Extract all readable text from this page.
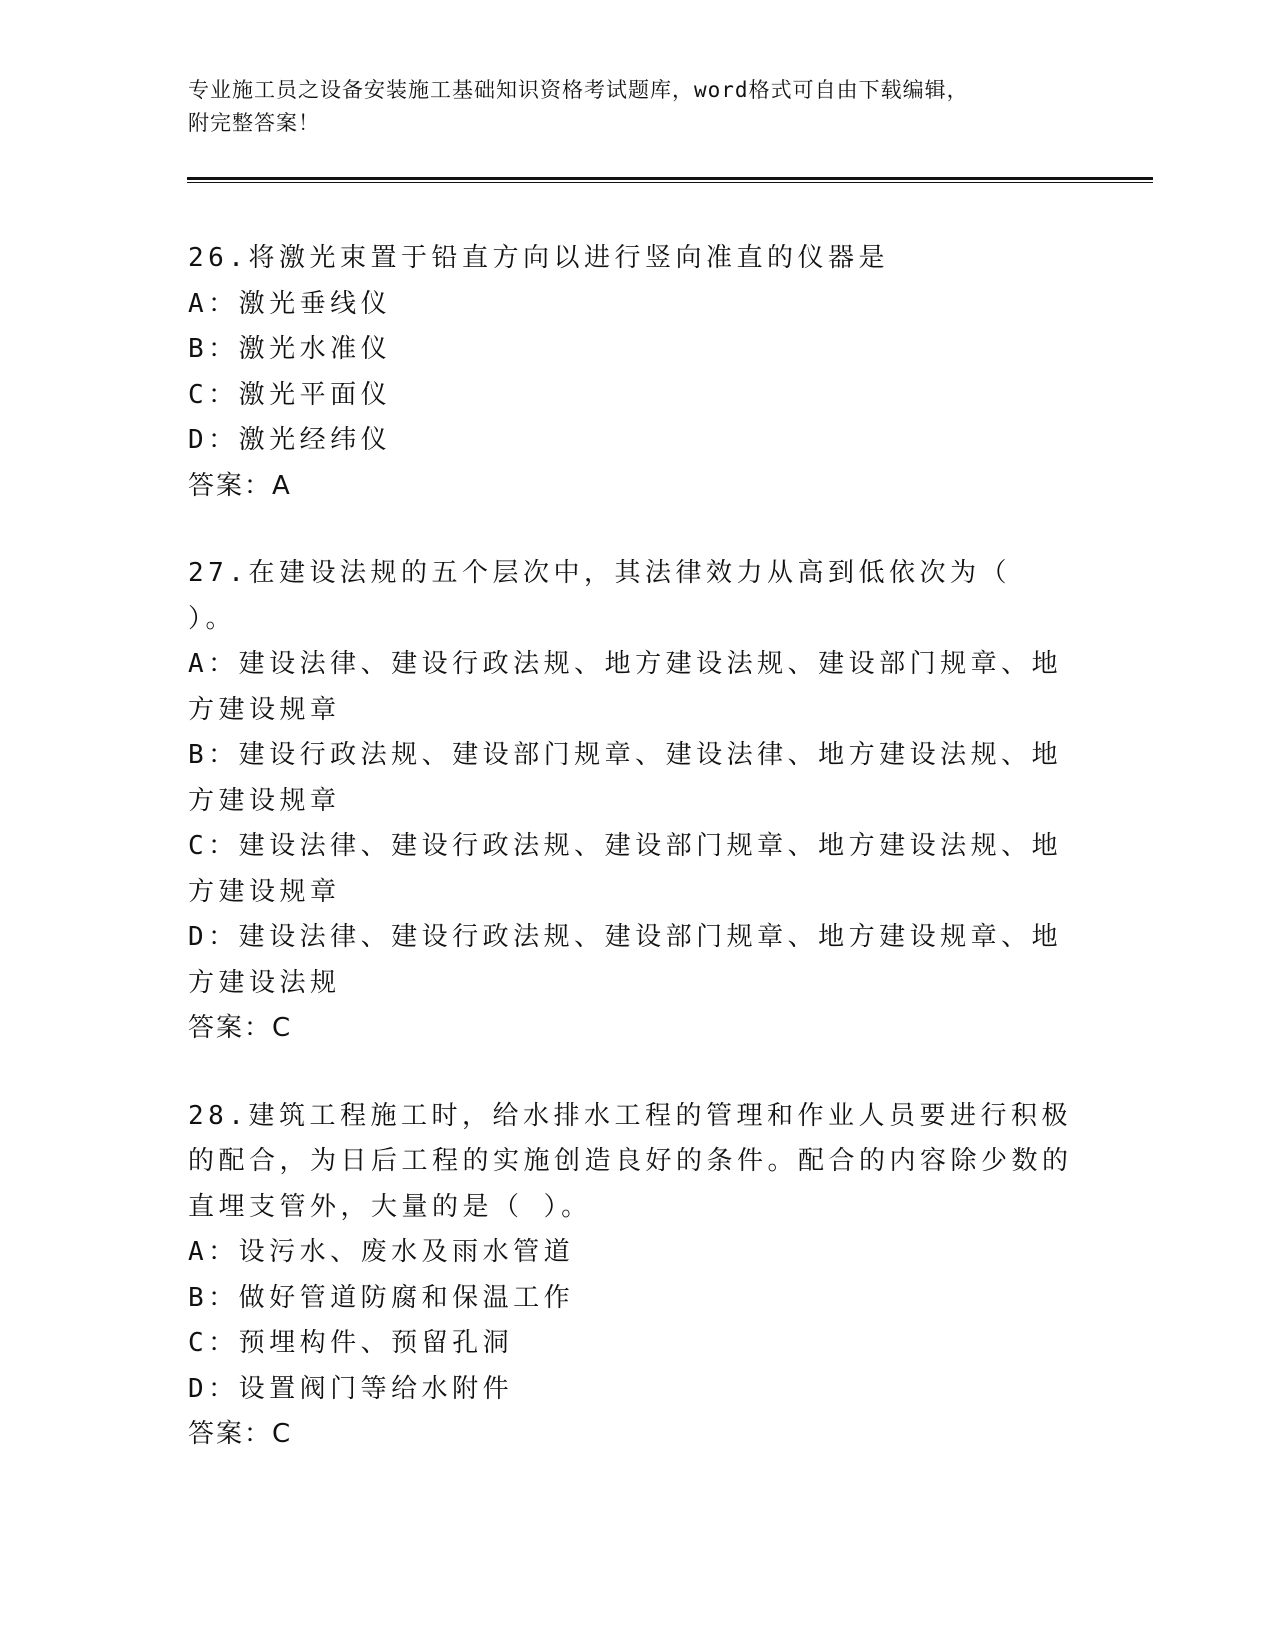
专业施工员之设备安装施工基础知识资格考试题库，word格式可自由下载编辑，
附完整答案！
26.将激光束置于铅直方向以进行竖向准直的仪器是
A：激光垂线仪
B：激光水准仪
C：激光平面仪
D：激光经纬仪
答案：A
27.在建设法规的五个层次中，其法律效力从高到低依次为（ ）。
A：建设法律、建设行政法规、地方建设法规、建设部门规章、地方建设规章
B：建设行政法规、建设部门规章、建设法律、地方建设法规、地方建设规章
C：建设法律、建设行政法规、建设部门规章、地方建设法规、地方建设规章
D：建设法律、建设行政法规、建设部门规章、地方建设规章、地方建设法规
答案：C
28.建筑工程施工时，给水排水工程的管理和作业人员要进行积极的配合，为日后工程的实施创造良好的条件。配合的内容除少数的直埋支管外，大量的是（ ）。
A：设污水、废水及雨水管道
B：做好管道防腐和保温工作
C：预埋构件、预留孔洞
D：设置阀门等给水附件
答案：C
